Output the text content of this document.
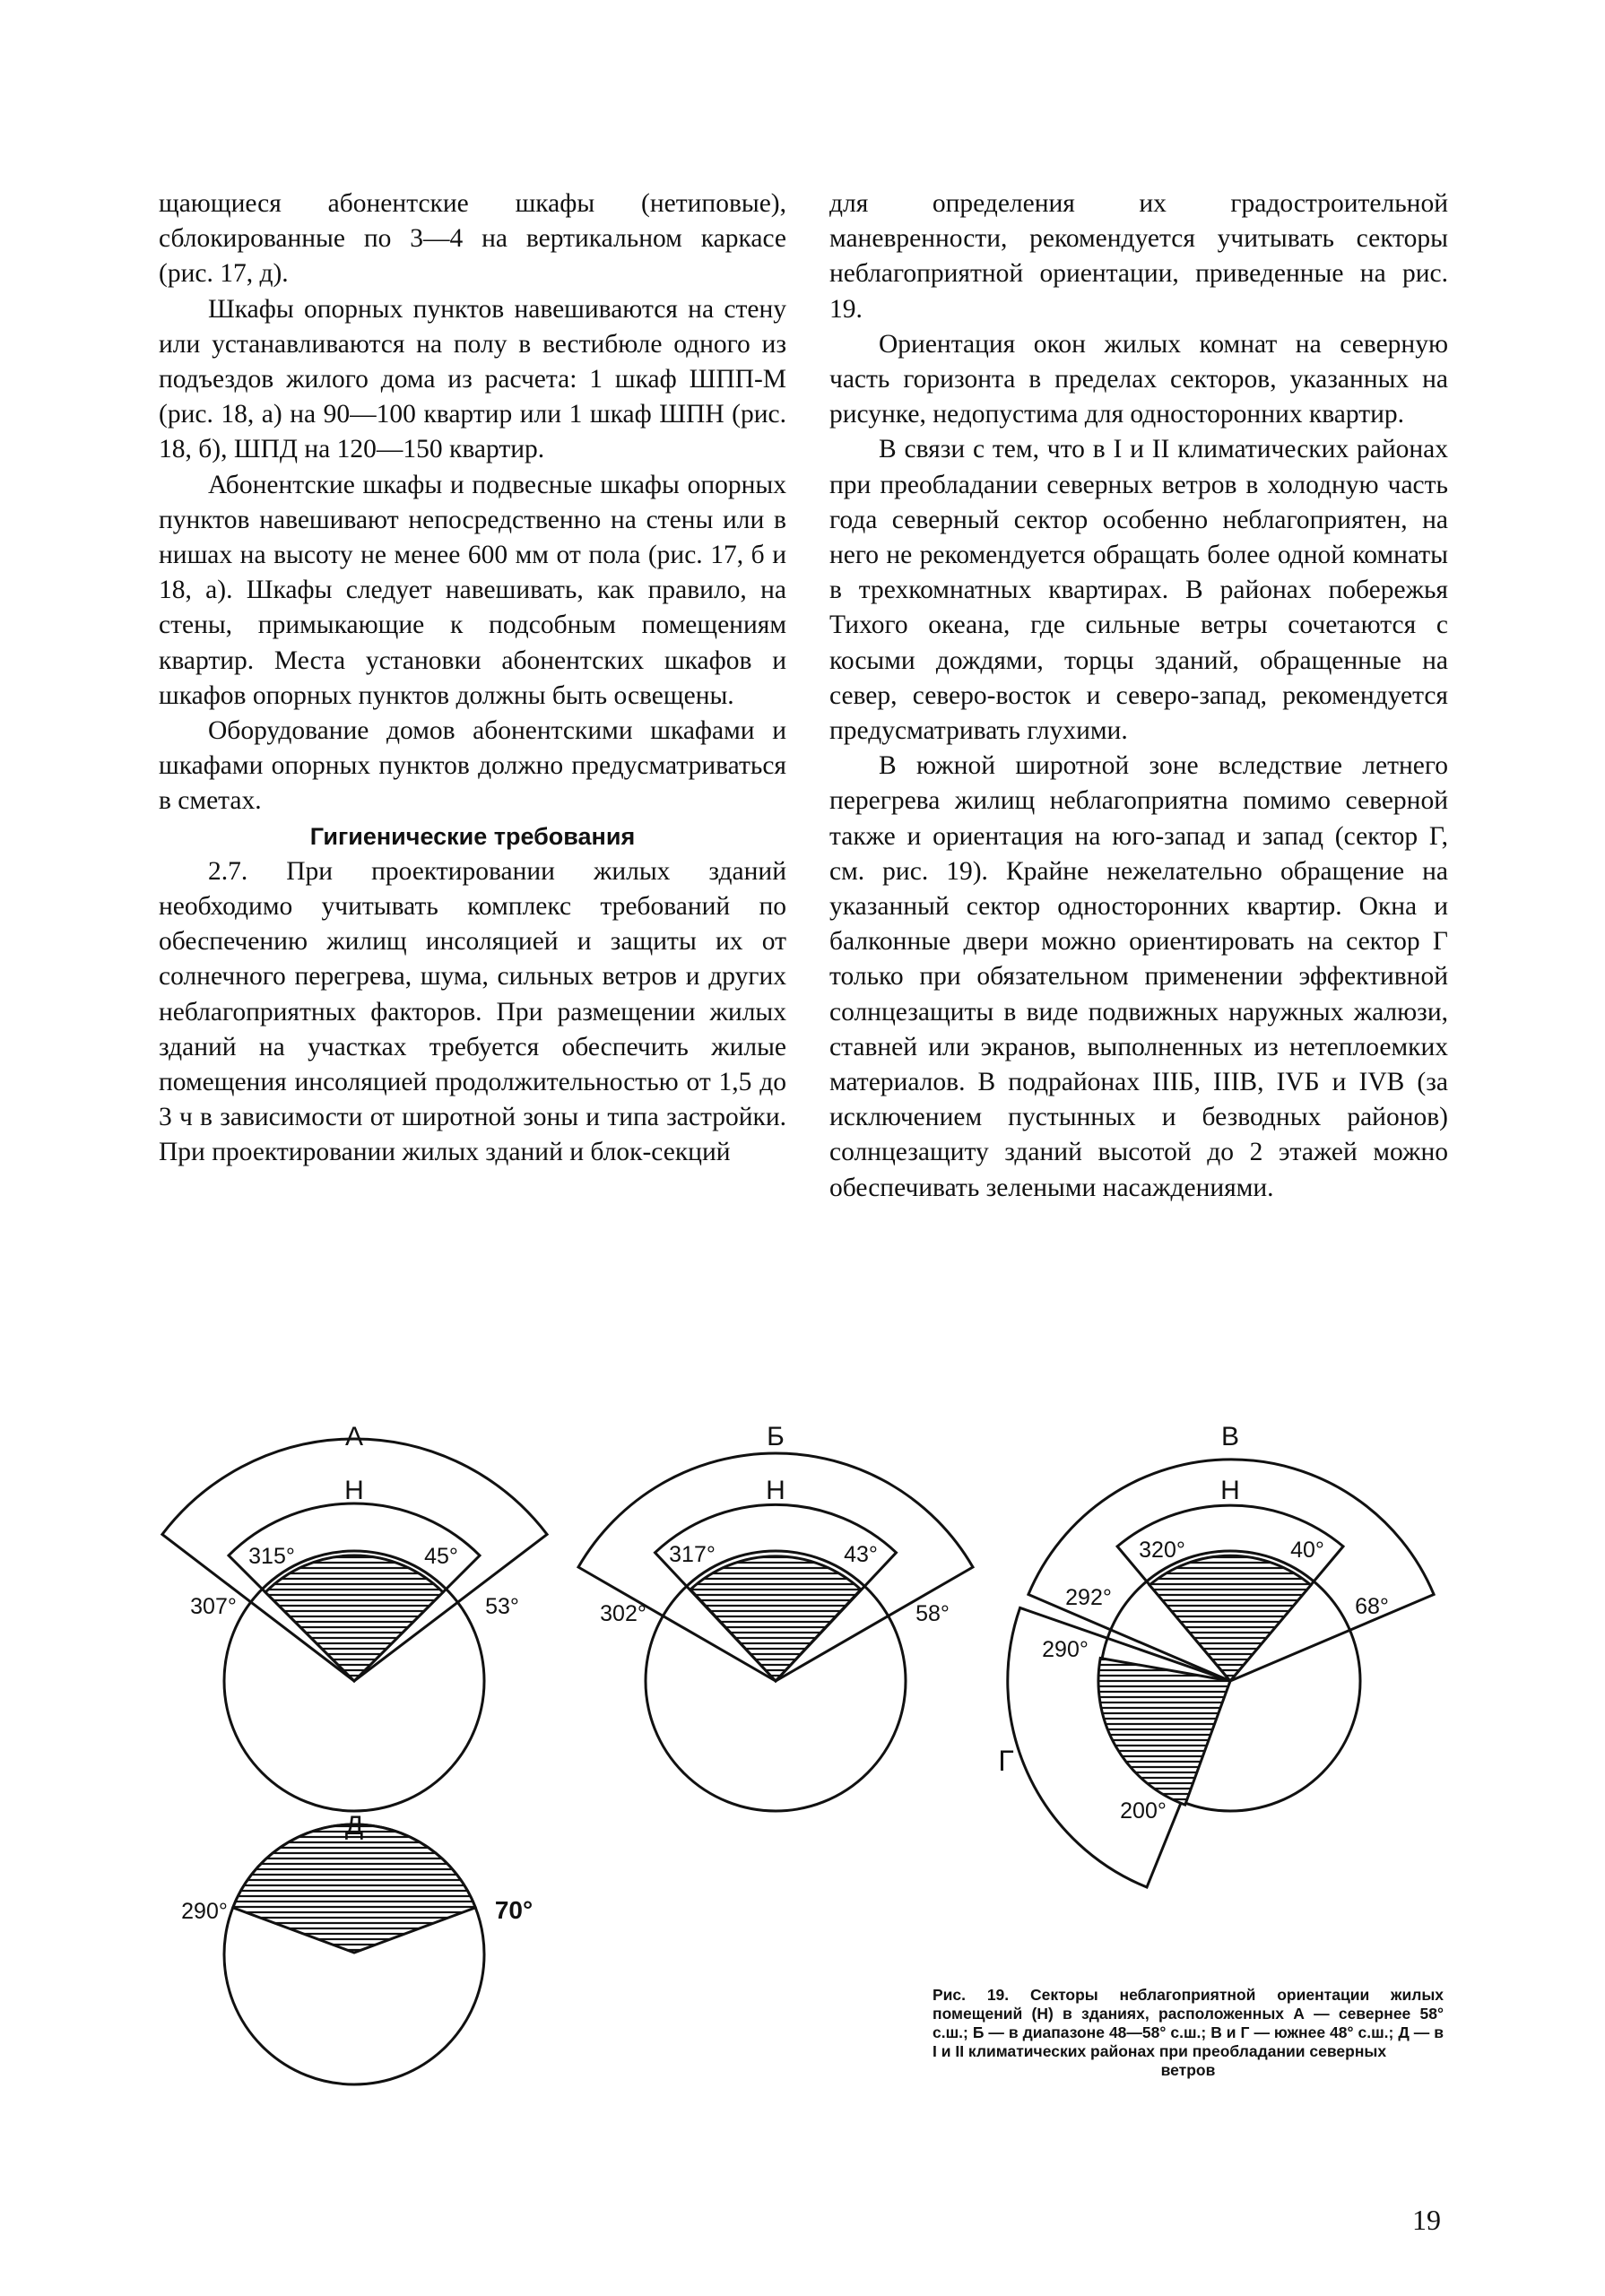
щающиеся абонентские шкафы (нетиповые), сблокированные по 3—4 на вертикальном каркасе (рис. 17, д).

Шкафы опорных пунктов навешиваются на стену или устанавливаются на полу в вестибюле одного из подъездов жилого дома из расчета: 1 шкаф ШПП-М (рис. 18, а) на 90—100 квартир или 1 шкаф ШПН (рис. 18, б), ШПД на 120—150 квартир.

Абонентские шкафы и подвесные шкафы опорных пунктов навешивают непосредственно на стены или в нишах на высоту не менее 600 мм от пола (рис. 17, б и 18, а). Шкафы следует навешивать, как правило, на стены, примыкающие к подсобным помещениям квартир. Места установки абонентских шкафов и шкафов опорных пунктов должны быть освещены.

Оборудование домов абонентскими шкафами и шкафами опорных пунктов должно предусматриваться в сметах.

Гигиенические требования

2.7. При проектировании жилых зданий необходимо учитывать комплекс требований по обеспечению жилищ инсоляцией и защиты их от солнечного перегрева, шума, сильных ветров и других неблагоприятных факторов. При размещении жилых зданий на участках требуется обеспечить жилые помещения инсоляцией продолжительностью от 1,5 до 3 ч в зависимости от широтной зоны и типа застройки. При проектировании жилых зданий и блок-секций

для определения их градостроительной маневренности, рекомендуется учитывать секторы неблагоприятной ориентации, приведенные на рис. 19.

Ориентация окон жилых комнат на северную часть горизонта в пределах секторов, указанных на рисунке, недопустима для односторонних квартир.

В связи с тем, что в I и II климатических районах при преобладании северных ветров в холодную часть года северный сектор особенно неблагоприятен, на него не рекомендуется обращать более одной комнаты в трехкомнатных квартирах. В районах побережья Тихого океана, где сильные ветры сочетаются с косыми дождями, торцы зданий, обращенные на север, северо-восток и северо-запад, рекомендуется предусматривать глухими.

В южной широтной зоне вследствие летнего перегрева жилищ неблагоприятна помимо северной также и ориентация на юго-запад и запад (сектор Г, см. рис. 19). Крайне нежелательно обращение на указанный сектор односторонних квартир. Окна и балконные двери можно ориентировать на сектор Г только при обязательном применении эффективной солнцезащиты в виде подвижных наружных жалюзи, ставней или экранов, выполненных из нетеплоемких материалов. В подрайонах IIIБ, IIIВ, IVБ и IVВ (за исключением пустынных и безводных районов) солнцезащиту зданий высотой до 2 этажей можно обеспечивать зелеными насаждениями.

А
Н
315°	45°
307°	53°
Б
Н
317°	43°
302°	58°
В
Н
320°	40°
292°	68°
290°
200°
Г
Д
290°	70°
Рис. 19. Секторы неблагоприятной ориентации жилых помещений (Н) в зданиях, расположенных А — севернее 58° с.ш.; Б — в диапазоне 48—58° с.ш.; В и Г — южнее 48° с.ш.; Д — в I и II климатических районах при преобладании северных
ветров
19
